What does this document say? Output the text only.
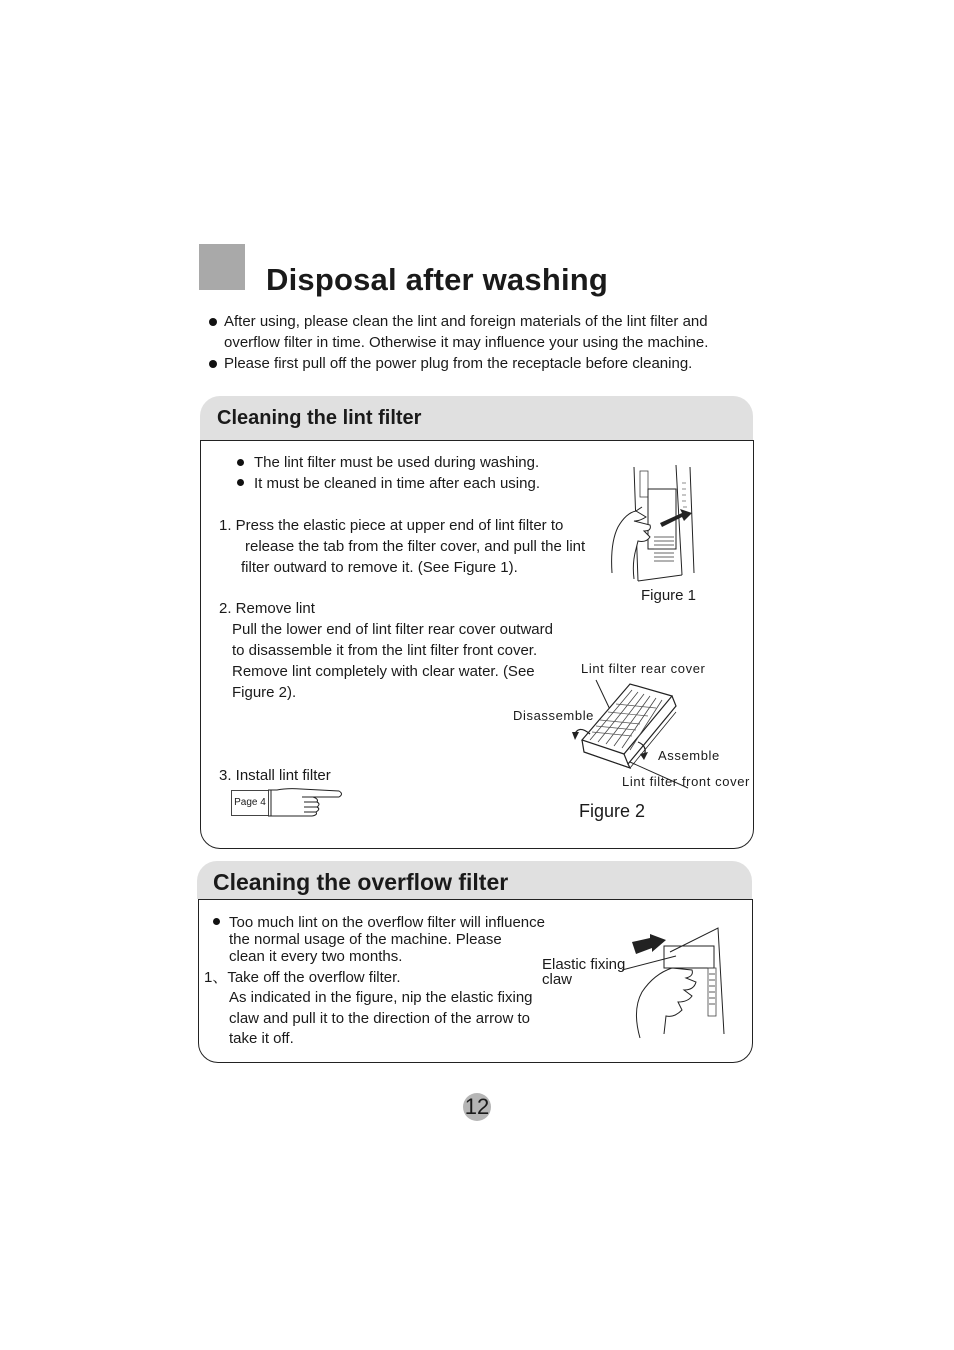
Disposal after washing
After using, please clean the lint and foreign materials of the lint filter and
overflow filter in time. Otherwise it may influence your using the machine.
Please first pull off the power plug from the receptacle before cleaning.
Cleaning the lint filter
The lint filter must be used during washing.
It must be cleaned in time after each using.
1. Press the elastic piece at upper end of lint filter to
release the tab from the filter cover, and pull the lint
filter outward to remove it. (See Figure 1).
2. Remove lint
Pull the lower end of lint filter rear cover outward
to disassemble it from the lint filter front cover.
Remove lint completely with clear water. (See
Figure 2).
3. Install lint filter
Page 4
Figure 1
Lint filter rear cover
Disassemble
Assemble
Lint filter front cover
Figure 2
Cleaning the overflow filter
Too much lint on the overflow filter will influence
the normal usage of the machine. Please
clean it every two months.
1、Take off the overflow filter.
As indicated in the figure, nip the elastic fixing
claw and pull it to the direction of the arrow to
take it off.
Elastic fixing
claw
12
